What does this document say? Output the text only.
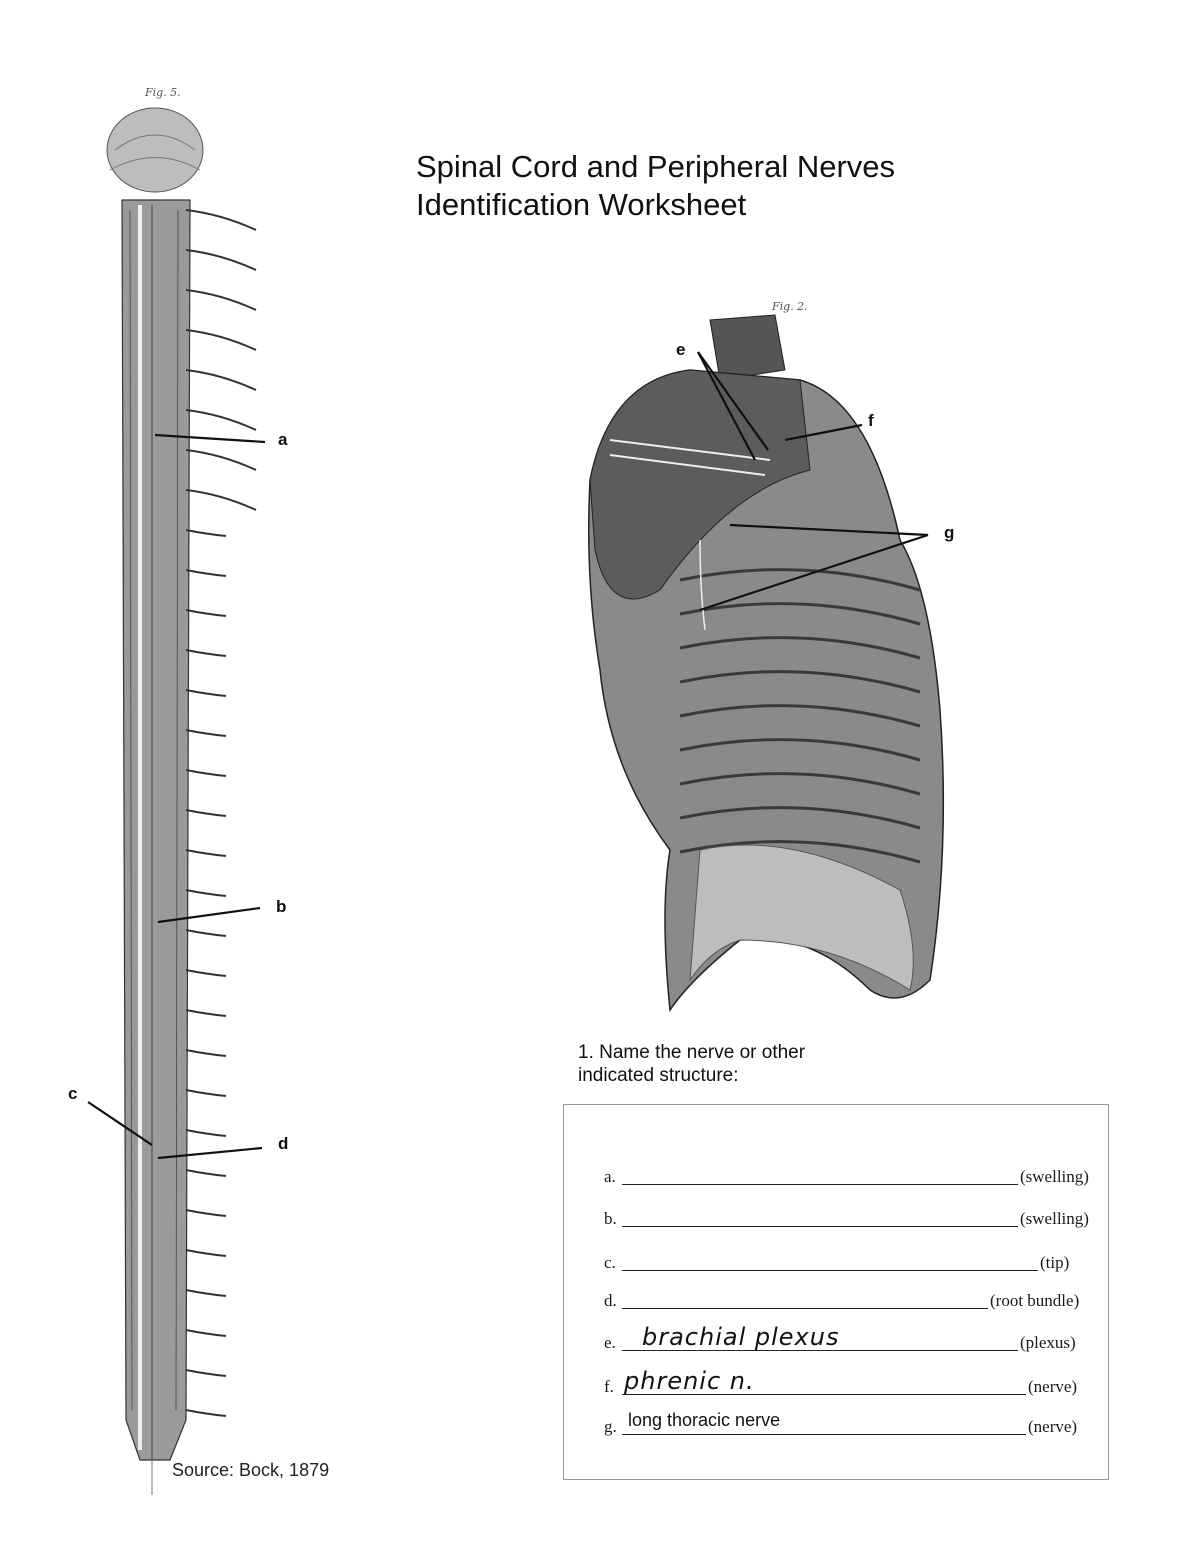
Fig. 5.
a
b
c
d
Source: Bock, 1879
Spinal Cord and Peripheral Nerves
Identification Worksheet
Fig. 2.
e
f
g
1. Name the nerve or other
indicated structure:
a.	(swelling)
b.	(swelling)
c.	(tip)
d.	(root bundle)
e. brachial plexus	(plexus)
f. phrenic n.	(nerve)
g. long thoracic nerve	(nerve)
